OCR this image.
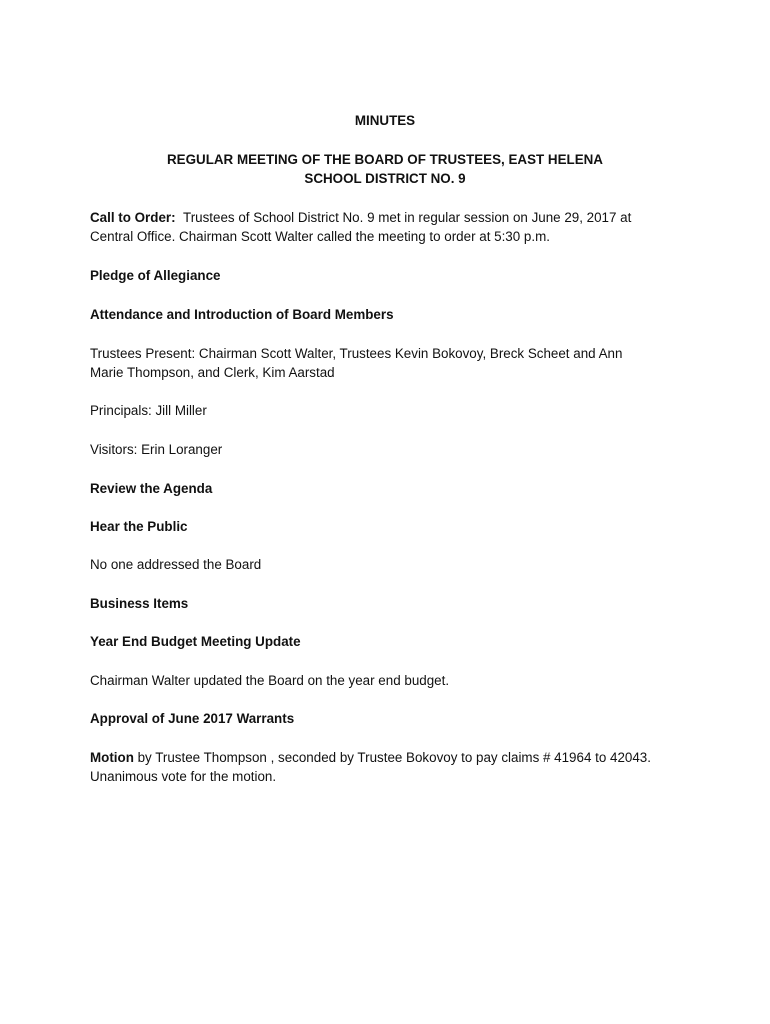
MINUTES
REGULAR MEETING OF THE BOARD OF TRUSTEES, EAST HELENA
SCHOOL DISTRICT NO. 9
Call to Order: Trustees of School District No. 9 met in regular session on June 29, 2017 at
Central Office. Chairman Scott Walter called the meeting to order at 5:30 p.m.
Pledge of Allegiance
Attendance and Introduction of Board Members
Trustees Present: Chairman Scott Walter, Trustees Kevin Bokovoy, Breck Scheet and Ann
Marie Thompson, and Clerk, Kim Aarstad
Principals: Jill Miller
Visitors: Erin Loranger
Review the Agenda
Hear the Public
No one addressed the Board
Business Items
Year End Budget Meeting Update
Chairman Walter updated the Board on the year end budget.
Approval of June 2017 Warrants
Motion by Trustee Thompson , seconded by Trustee Bokovoy to pay claims # 41964 to 42043.
Unanimous vote for the motion.
